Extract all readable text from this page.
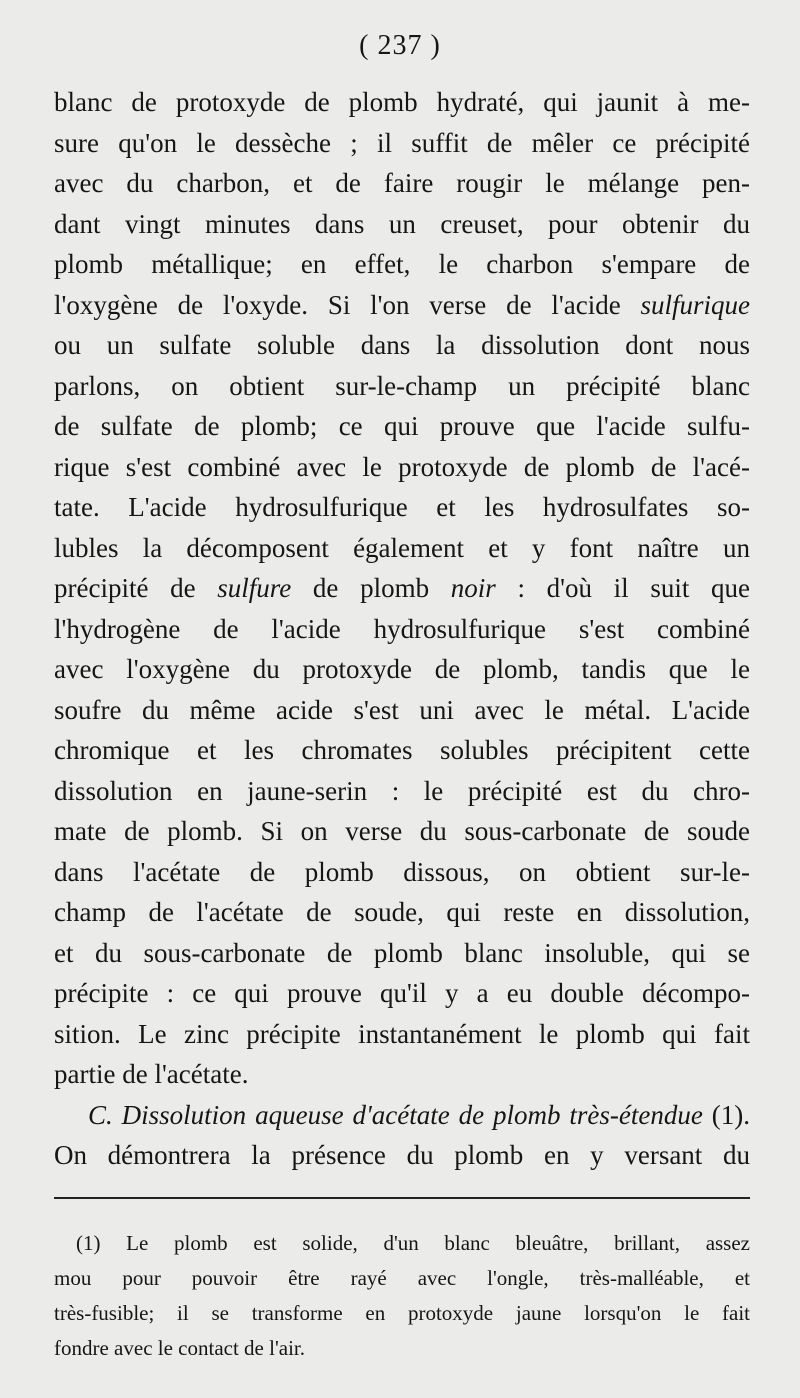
( 237 )
blanc de protoxyde de plomb hydraté, qui jaunit à me-
sure qu'on le dessèche ; il suffit de mêler ce précipité
avec du charbon, et de faire rougir le mélange pen-
dant vingt minutes dans un creuset, pour obtenir du
plomb métallique; en effet, le charbon s'empare de
l'oxygène de l'oxyde. Si l'on verse de l'acide sulfurique
ou un sulfate soluble dans la dissolution dont nous
parlons, on obtient sur-le-champ un précipité blanc
de sulfate de plomb; ce qui prouve que l'acide sulfu-
rique s'est combiné avec le protoxyde de plomb de l'acé-
tate. L'acide hydrosulfurique et les hydrosulfates so-
lubles la décomposent également et y font naître un
précipité de sulfure de plomb noir : d'où il suit que
l'hydrogène de l'acide hydrosulfurique s'est combiné
avec l'oxygène du protoxyde de plomb, tandis que le
soufre du même acide s'est uni avec le métal. L'acide
chromique et les chromates solubles précipitent cette
dissolution en jaune-serin : le précipité est du chro-
mate de plomb. Si on verse du sous-carbonate de soude
dans l'acétate de plomb dissous, on obtient sur-le-
champ de l'acétate de soude, qui reste en dissolution,
et du sous-carbonate de plomb blanc insoluble, qui se
précipite : ce qui prouve qu'il y a eu double décompo-
sition. Le zinc précipite instantanément le plomb qui fait
partie de l'acétate.
C. Dissolution aqueuse d'acétate de plomb très-étendue (1).
On démontrera la présence du plomb en y versant du
(1) Le plomb est solide, d'un blanc bleuâtre, brillant, assez
mou pour pouvoir être rayé avec l'ongle, très-malléable, et
très-fusible; il se transforme en protoxyde jaune lorsqu'on le fait
fondre avec le contact de l'air.
